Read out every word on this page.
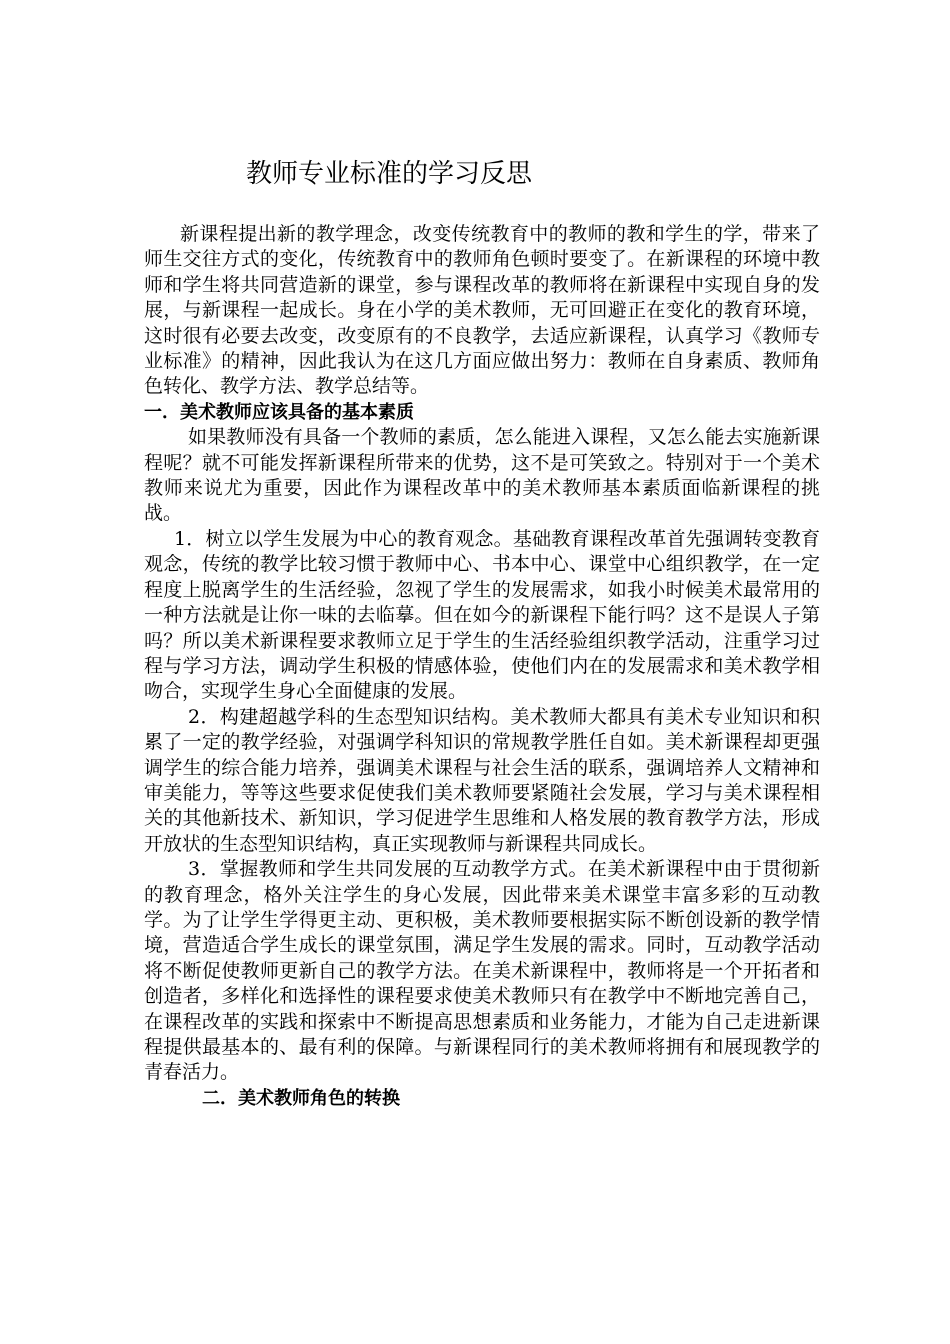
教师专业标准的学习反思

新课程提出新的教学理念，改变传统教育中的教师的教和学生的学，带来了师生交往方式的变化，传统教育中的教师角色顿时要变了。在新课程的环境中教师和学生将共同营造新的课堂，参与课程改革的教师将在新课程中实现自身的发展，与新课程一起成长。身在小学的美术教师，无可回避正在变化的教育环境，这时很有必要去改变，改变原有的不良教学，去适应新课程，认真学习《教师专业标准》的精神，因此我认为在这几方面应做出努力：教师在自身素质、教师角色转化、教学方法、教学总结等。

一．美术教师应该具备的基本素质

如果教师没有具备一个教师的素质，怎么能进入课程，又怎么能去实施新课程呢？就不可能发挥新课程所带来的优势，这不是可笑致之。特别对于一个美术教师来说尤为重要，因此作为课程改革中的美术教师基本素质面临新课程的挑战。

1．树立以学生发展为中心的教育观念。基础教育课程改革首先强调转变教育观念，传统的教学比较习惯于教师中心、书本中心、课堂中心组织教学，在一定程度上脱离学生的生活经验，忽视了学生的发展需求，如我小时候美术最常用的一种方法就是让你一味的去临摹。但在如今的新课程下能行吗？这不是误人子第吗？所以美术新课程要求教师立足于学生的生活经验组织教学活动，注重学习过程与学习方法，调动学生积极的情感体验，使他们内在的发展需求和美术教学相吻合，实现学生身心全面健康的发展。

2．构建超越学科的生态型知识结构。美术教师大都具有美术专业知识和积累了一定的教学经验，对强调学科知识的常规教学胜任自如。美术新课程却更强调学生的综合能力培养，强调美术课程与社会生活的联系，强调培养人文精神和审美能力，等等这些要求促使我们美术教师要紧随社会发展，学习与美术课程相关的其他新技术、新知识，学习促进学生思维和人格发展的教育教学方法，形成开放状的生态型知识结构，真正实现教师与新课程共同成长。

3．掌握教师和学生共同发展的互动教学方式。在美术新课程中由于贯彻新的教育理念，格外关注学生的身心发展，因此带来美术课堂丰富多彩的互动教学。为了让学生学得更主动、更积极，美术教师要根据实际不断创设新的教学情境，营造适合学生成长的课堂氛围，满足学生发展的需求。同时，互动教学活动将不断促使教师更新自己的教学方法。在美术新课程中，教师将是一个开拓者和创造者，多样化和选择性的课程要求使美术教师只有在教学中不断地完善自己，在课程改革的实践和探索中不断提高思想素质和业务能力，才能为自己走进新课程提供最基本的、最有利的保障。与新课程同行的美术教师将拥有和展现教学的青春活力。

二．美术教师角色的转换
